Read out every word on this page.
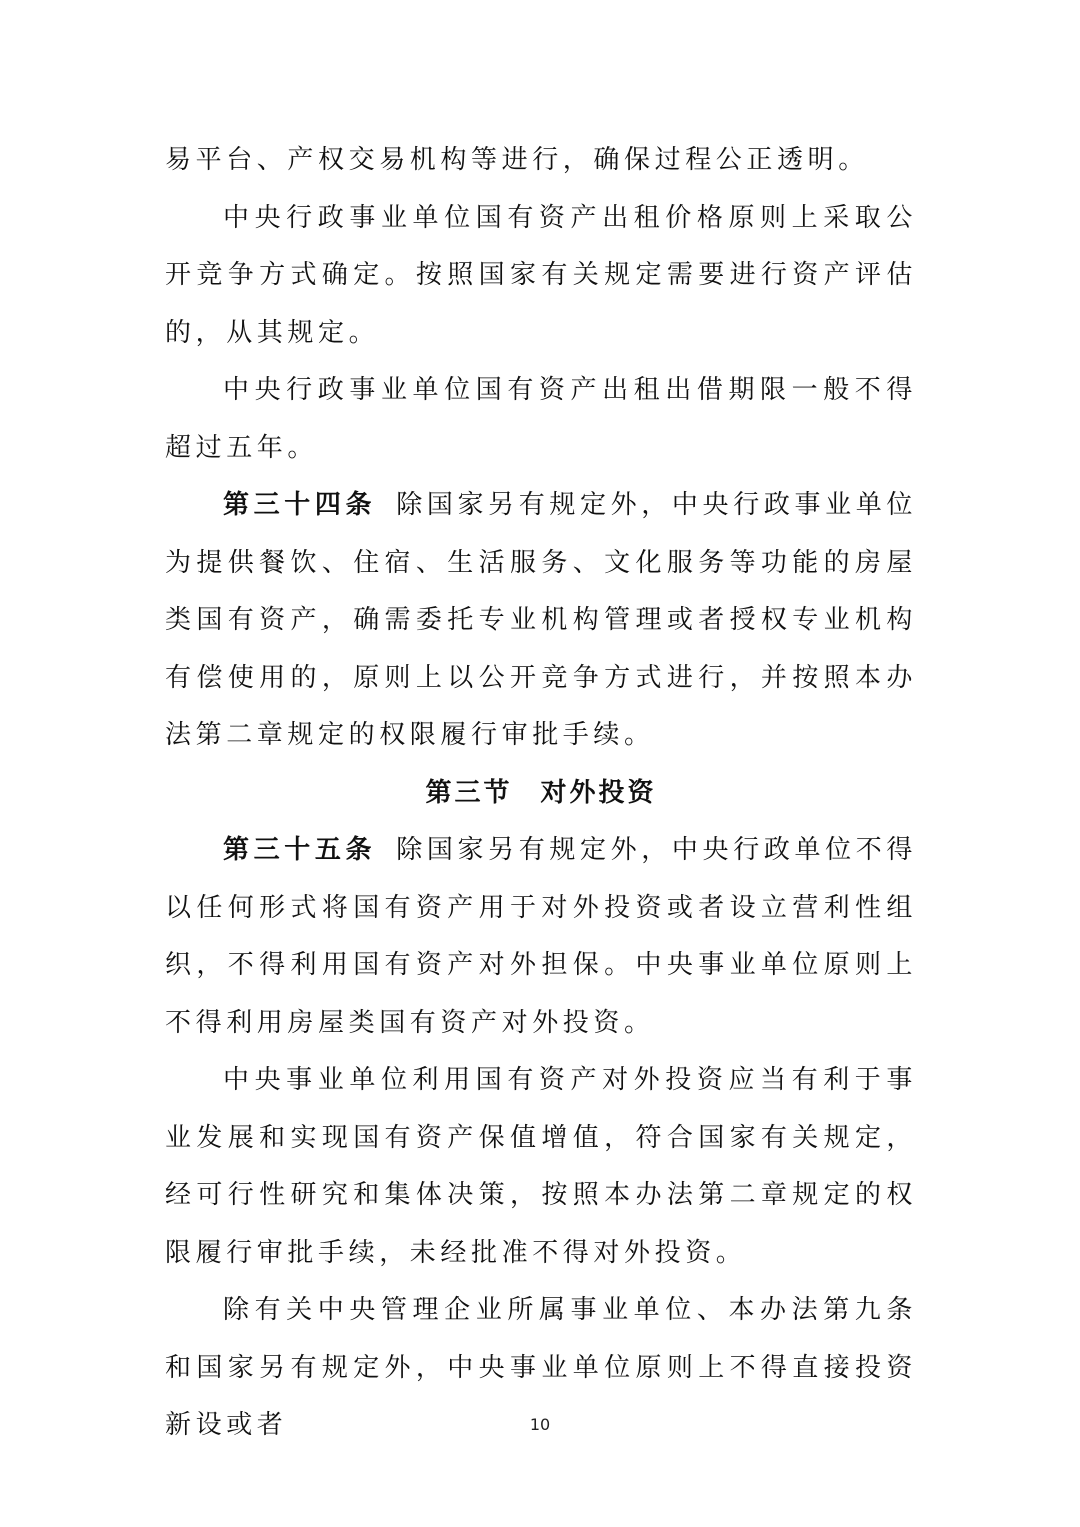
易平台、产权交易机构等进行，确保过程公正透明。

中央行政事业单位国有资产出租价格原则上采取公开竞争方式确定。按照国家有关规定需要进行资产评估的，从其规定。

中央行政事业单位国有资产出租出借期限一般不得超过五年。

第三十四条 除国家另有规定外，中央行政事业单位为提供餐饮、住宿、生活服务、文化服务等功能的房屋类国有资产，确需委托专业机构管理或者授权专业机构有偿使用的，原则上以公开竞争方式进行，并按照本办法第二章规定的权限履行审批手续。

第三节 对外投资

第三十五条 除国家另有规定外，中央行政单位不得以任何形式将国有资产用于对外投资或者设立营利性组织，不得利用国有资产对外担保。中央事业单位原则上不得利用房屋类国有资产对外投资。

中央事业单位利用国有资产对外投资应当有利于事业发展和实现国有资产保值增值，符合国家有关规定，经可行性研究和集体决策，按照本办法第二章规定的权限履行审批手续，未经批准不得对外投资。

除有关中央管理企业所属事业单位、本办法第九条和国家另有规定外，中央事业单位原则上不得直接投资新设或者	10
